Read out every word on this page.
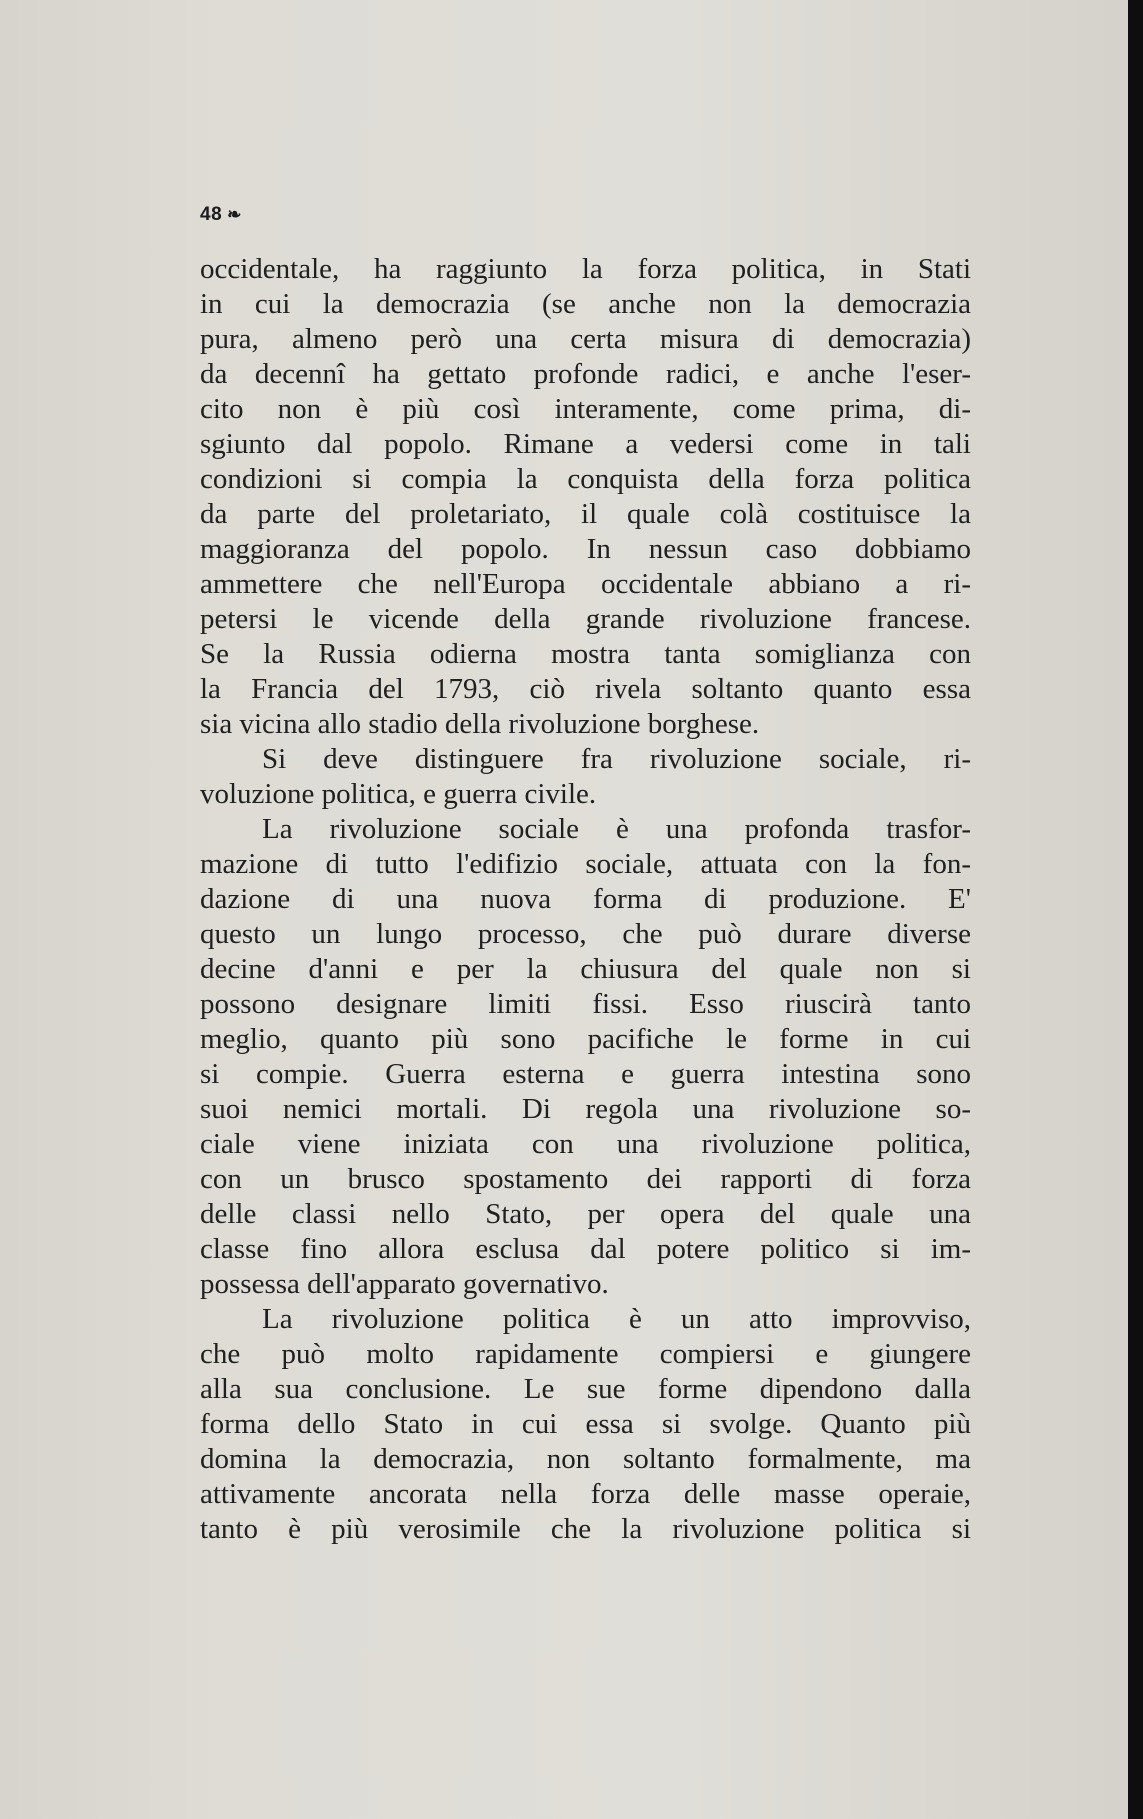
48 ❧
occidentale, ha raggiunto la forza politica, in Stati
in cui la democrazia (se anche non la democrazia
pura, almeno però una certa misura di democrazia)
da decennî ha gettato profonde radici, e anche l'eser-
cito non è più così interamente, come prima, di-
sgiunto dal popolo. Rimane a vedersi come in tali
condizioni si compia la conquista della forza politica
da parte del proletariato, il quale colà costituisce la
maggioranza del popolo. In nessun caso dobbiamo
ammettere che nell'Europa occidentale abbiano a ri-
petersi le vicende della grande rivoluzione francese.
Se la Russia odierna mostra tanta somiglianza con
la Francia del 1793, ciò rivela soltanto quanto essa
sia vicina allo stadio della rivoluzione borghese.
Si deve distinguere fra rivoluzione sociale, ri-
voluzione politica, e guerra civile.
La rivoluzione sociale è una profonda trasfor-
mazione di tutto l'edifizio sociale, attuata con la fon-
dazione di una nuova forma di produzione. E'
questo un lungo processo, che può durare diverse
decine d'anni e per la chiusura del quale non si
possono designare limiti fissi. Esso riuscirà tanto
meglio, quanto più sono pacifiche le forme in cui
si compie. Guerra esterna e guerra intestina sono
suoi nemici mortali. Di regola una rivoluzione so-
ciale viene iniziata con una rivoluzione politica,
con un brusco spostamento dei rapporti di forza
delle classi nello Stato, per opera del quale una
classe fino allora esclusa dal potere politico si im-
possessa dell'apparato governativo.
La rivoluzione politica è un atto improvviso,
che può molto rapidamente compiersi e giungere
alla sua conclusione. Le sue forme dipendono dalla
forma dello Stato in cui essa si svolge. Quanto più
domina la democrazia, non soltanto formalmente, ma
attivamente ancorata nella forza delle masse operaie,
tanto è più verosimile che la rivoluzione politica si
